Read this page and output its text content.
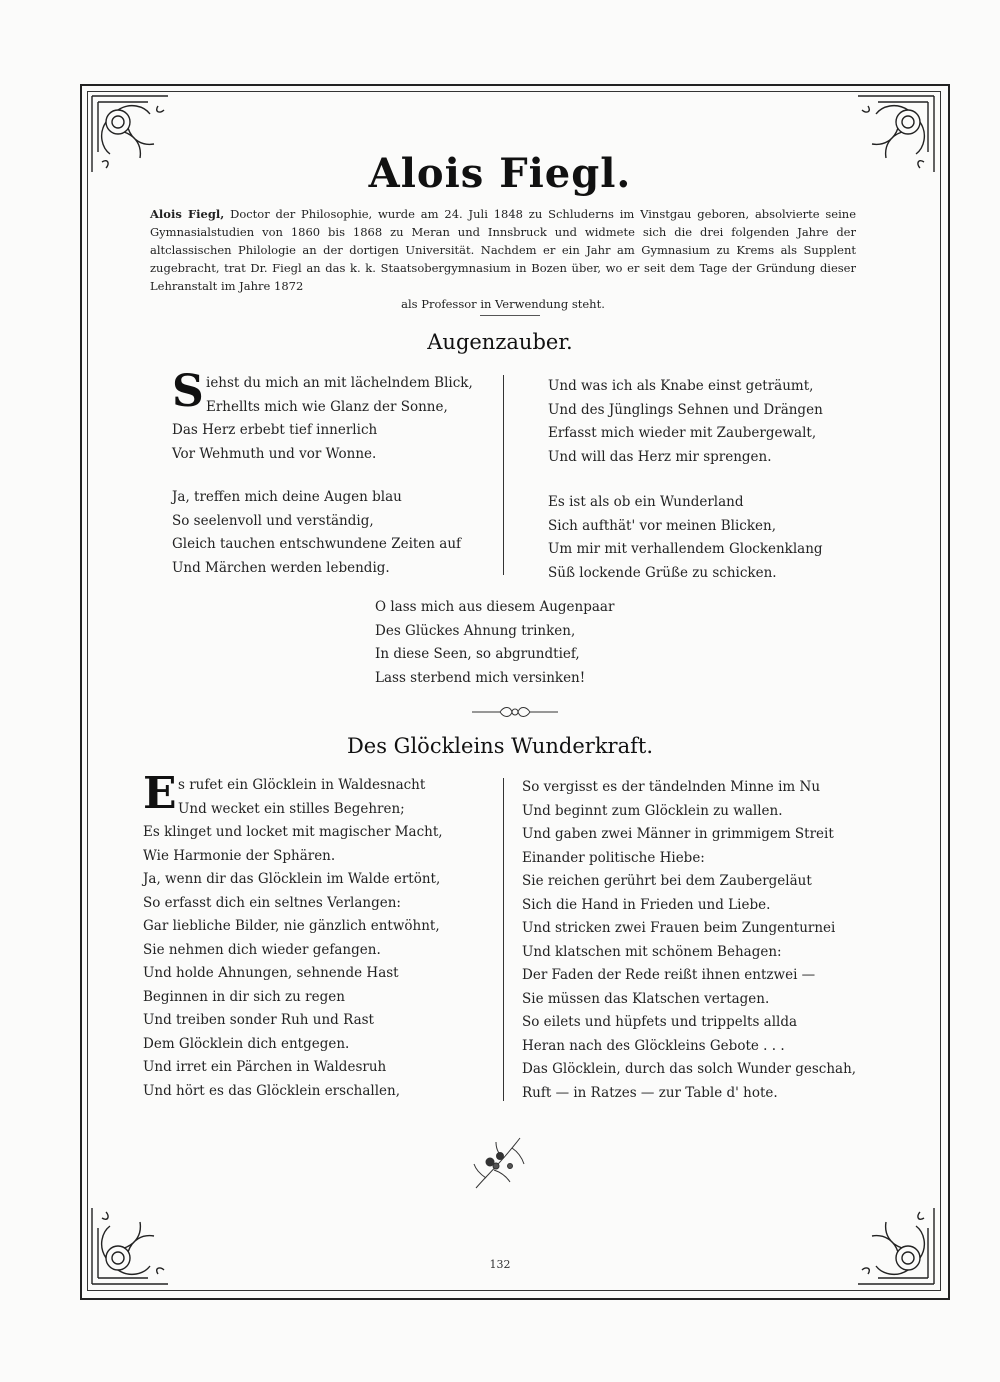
Alois Fiegl.
Alois Fiegl, Doctor der Philosophie, wurde am 24. Juli 1848 zu Schluderns im Vinstgau geboren, absolvierte seine Gymnasialstudien von 1860 bis 1868 zu Meran und Innsbruck und widmete sich die drei folgenden Jahre der altclassischen Philologie an der dortigen Universität. Nachdem er ein Jahr am Gymnasium zu Krems als Supplent zugebracht, trat Dr. Fiegl an das k. k. Staatsobergymnasium in Bozen über, wo er seit dem Tage der Gründung dieser Lehranstalt im Jahre 1872
als Professor in Verwendung steht.
Augenzauber.
S iehst du mich an mit lächelndem Blick,
Erhellts mich wie Glanz der Sonne,
Das Herz erbebt tief innerlich
Vor Wehmuth und vor Wonne.
Ja, treffen mich deine Augen blau
So seelenvoll und verständig,
Gleich tauchen entschwundene Zeiten auf
Und Märchen werden lebendig.
Und was ich als Knabe einst geträumt,
Und des Jünglings Sehnen und Drängen
Erfasst mich wieder mit Zaubergewalt,
Und will das Herz mir sprengen.
Es ist als ob ein Wunderland
Sich aufthät' vor meinen Blicken,
Um mir mit verhallendem Glockenklang
Süß lockende Grüße zu schicken.
O lass mich aus diesem Augenpaar
Des Glückes Ahnung trinken,
In diese Seen, so abgrundtief,
Lass sterbend mich versinken!
Des Glöckleins Wunderkraft.
E s rufet ein Glöcklein in Waldesnacht
Und wecket ein stilles Begehren;
Es klinget und locket mit magischer Macht,
Wie Harmonie der Sphären.
Ja, wenn dir das Glöcklein im Walde ertönt,
So erfasst dich ein seltnes Verlangen:
Gar liebliche Bilder, nie gänzlich entwöhnt,
Sie nehmen dich wieder gefangen.
Und holde Ahnungen, sehnende Hast
Beginnen in dir sich zu regen
Und treiben sonder Ruh und Rast
Dem Glöcklein dich entgegen.
Und irret ein Pärchen in Waldesruh
Und hört es das Glöcklein erschallen,
So vergisst es der tändelnden Minne im Nu
Und beginnt zum Glöcklein zu wallen.
Und gaben zwei Männer in grimmigem Streit
Einander politische Hiebe:
Sie reichen gerührt bei dem Zaubergeläut
Sich die Hand in Frieden und Liebe.
Und stricken zwei Frauen beim Zungenturnei
Und klatschen mit schönem Behagen:
Der Faden der Rede reißt ihnen entzwei —
Sie müssen das Klatschen vertagen.
So eilets und hüpfets und trippelts allda
Heran nach des Glöckleins Gebote . . .
Das Glöcklein, durch das solch Wunder geschah,
Ruft — in Ratzes — zur Table d' hote.
132
